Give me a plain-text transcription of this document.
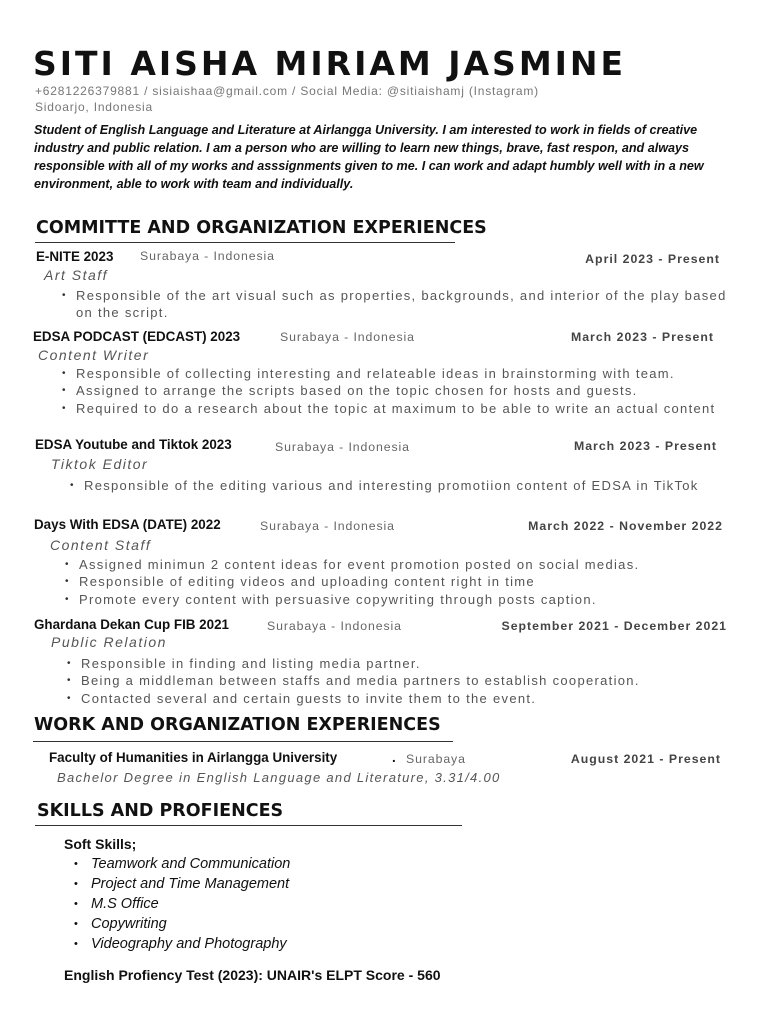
SITI AISHA MIRIAM JASMINE
+6281226379881 / sisiaishaa@gmail.com / Social Media: @sitiaishamj (Instagram)
Sidoarjo, Indonesia
Student of English Language and Literature at Airlangga University. I am interested to work in fields of creative industry and public relation. I am a person who are willing to learn new things, brave, fast respon, and always responsible with all of my works and asssignments given to me. I can work and adapt humbly well with in a new environment, able to work with team and individually.
COMMITTE AND ORGANIZATION EXPERIENCES
E-NITE 2023 Surabaya - Indonesia	April 2023 - Present
Art Staff
• Responsible of the art visual such as properties, backgrounds, and interior of the play based on the script.
EDSA PODCAST (EDCAST) 2023	Surabaya - Indonesia	March 2023 - Present
Content Writer
• Responsible of collecting interesting and relateable ideas in brainstorming with team.
• Assigned to arrange the scripts based on the topic chosen for hosts and guests.
• Required to do a research about the topic at maximum to be able to write an actual content
EDSA Youtube and Tiktok 2023	Surabaya - Indonesia	March 2023 - Present
Tiktok Editor
• Responsible of the editing various and interesting promotiion content of EDSA in TikTok
Days With EDSA (DATE) 2022	Surabaya - Indonesia	March 2022 - November 2022
Content Staff
• Assigned minimun 2 content ideas for event promotion posted on social medias.
• Responsible of editing videos and uploading content right in time
• Promote every content with persuasive copywriting through posts caption.
Ghardana Dekan Cup FIB 2021	Surabaya - Indonesia	September 2021 - December 2021
Public Relation
• Responsible in finding and listing media partner.
• Being a middleman between staffs and media partners to establish cooperation.
• Contacted several and certain guests to invite them to the event.
WORK AND ORGANIZATION EXPERIENCES
Faculty of Humanities in Airlangga University	. Surabaya	August 2021 - Present
Bachelor Degree in English Language and Literature, 3.31/4.00
SKILLS AND PROFIENCES
Soft Skills;
• Teamwork and Communication
• Project and Time Management
• M.S Office
• Copywriting
• Videography and Photography
English Profiency Test (2023): UNAIR's ELPT Score - 560
